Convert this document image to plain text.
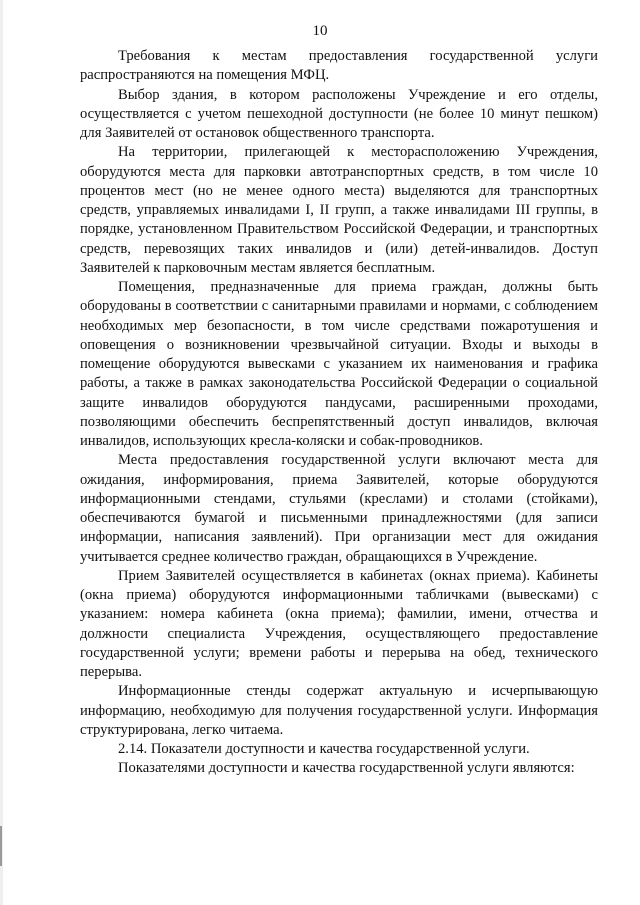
10

Требования к местам предоставления государственной услуги распространяются на помещения МФЦ.

Выбор здания, в котором расположены Учреждение и его отделы, осуществляется с учетом пешеходной доступности (не более 10 минут пешком) для Заявителей от остановок общественного транспорта.

На территории, прилегающей к месторасположению Учреждения, оборудуются места для парковки автотранспортных средств, в том числе 10 процентов мест (но не менее одного места) выделяются для транспортных средств, управляемых инвалидами I, II групп, а также инвалидами III группы, в порядке, установленном Правительством Российской Федерации, и транспортных средств, перевозящих таких инвалидов и (или) детей-инвалидов. Доступ Заявителей к парковочным местам является бесплатным.

Помещения, предназначенные для приема граждан, должны быть оборудованы в соответствии с санитарными правилами и нормами, с соблюдением необходимых мер безопасности, в том числе средствами пожаротушения и оповещения о возникновении чрезвычайной ситуации. Входы и выходы в помещение оборудуются вывесками с указанием их наименования и графика работы, а также в рамках законодательства Российской Федерации о социальной защите инвалидов оборудуются пандусами, расширенными проходами, позволяющими обеспечить беспрепятственный доступ инвалидов, включая инвалидов, использующих кресла-коляски и собак-проводников.

Места предоставления государственной услуги включают места для ожидания, информирования, приема Заявителей, которые оборудуются информационными стендами, стульями (креслами) и столами (стойками), обеспечиваются бумагой и письменными принадлежностями (для записи информации, написания заявлений). При организации мест для ожидания учитывается среднее количество граждан, обращающихся в Учреждение.

Прием Заявителей осуществляется в кабинетах (окнах приема). Кабинеты (окна приема) оборудуются информационными табличками (вывесками) с указанием: номера кабинета (окна приема); фамилии, имени, отчества и должности специалиста Учреждения, осуществляющего предоставление государственной услуги; времени работы и перерыва на обед, технического перерыва.

Информационные стенды содержат актуальную и исчерпывающую информацию, необходимую для получения государственной услуги. Информация структурирована, легко читаема.

2.14. Показатели доступности и качества государственной услуги.

Показателями доступности и качества государственной услуги являются:
